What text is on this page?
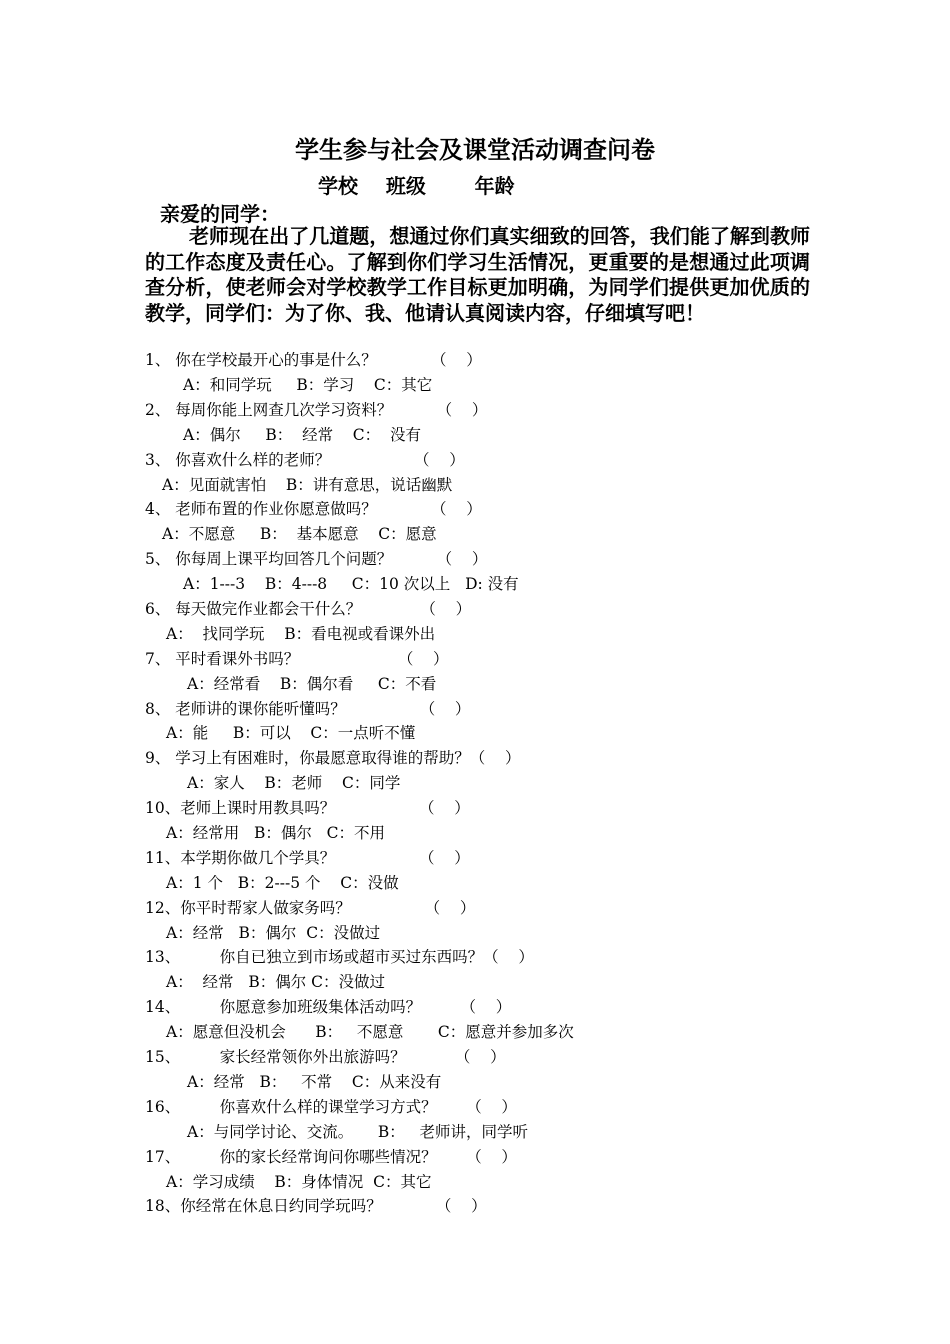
学生参与社会及课堂活动调查问卷
学校    班级       年龄
亲爱的同学：
老师现在出了几道题，想通过你们真实细致的回答，我们能了解到教师的工作态度及责任心。了解到你们学习生活情况，更重要的是想通过此项调查分析，使老师会对学校教学工作目标更加明确，为同学们提供更加优质的教学，同学们：为了你、我、他请认真阅读内容，仔细填写吧！
1、 你在学校最开心的事是什么？           （    ）
A：和同学玩     B：学习    C：其它
2、 每周你能上网查几次学习资料？         （    ）
A：偶尔     B：  经常    C：  没有
3、 你喜欢什么样的老师？                 （    ）
A：见面就害怕    B：讲有意思，说话幽默
4、 老师布置的作业你愿意做吗？           （    ）
A：不愿意     B：  基本愿意    C：愿意
5、 你每周上课平均回答几个问题？         （    ）
A：1---3    B：4---8     C：10 次以上   D: 没有
6、 每天做完作业都会干什么？            （    ）
A：  找同学玩    B：看电视或看课外出
7、 平时看课外书吗？                    （    ）
A：经常看    B：偶尔看     C：不看
8、 老师讲的课你能听懂吗？               （    ）
A：能     B：可以    C：一点听不懂
9、 学习上有困难时，你最愿意取得谁的帮助？（    ）
A：家人    B：老师    C：同学
10、老师上课时用教具吗？                 （    ）
A：经常用   B：偶尔   C：不用
11、本学期你做几个学具？                 （    ）
A：1 个   B：2---5 个    C：没做
12、你平时帮家人做家务吗？               （    ）
A：经常   B：偶尔  C：没做过
13、        你自已独立到市场或超市买过东西吗？（    ）
A：  经常   B：偶尔 C：没做过
14、        你愿意参加班级集体活动吗？        （    ）
A：愿意但没机会      B：   不愿意       C：愿意并参加多次
15、        家长经常领你外出旅游吗？          （    ）
A：经常   B：   不常    C：从来没有
16、        你喜欢什么样的课堂学习方式？      （    ）
A：与同学讨论、交流。     B：   老师讲，同学听
17、        你的家长经常询问你哪些情况？      （    ）
A：学习成绩    B：身体情况  C：其它
18、你经常在休息日约同学玩吗？           （    ）
